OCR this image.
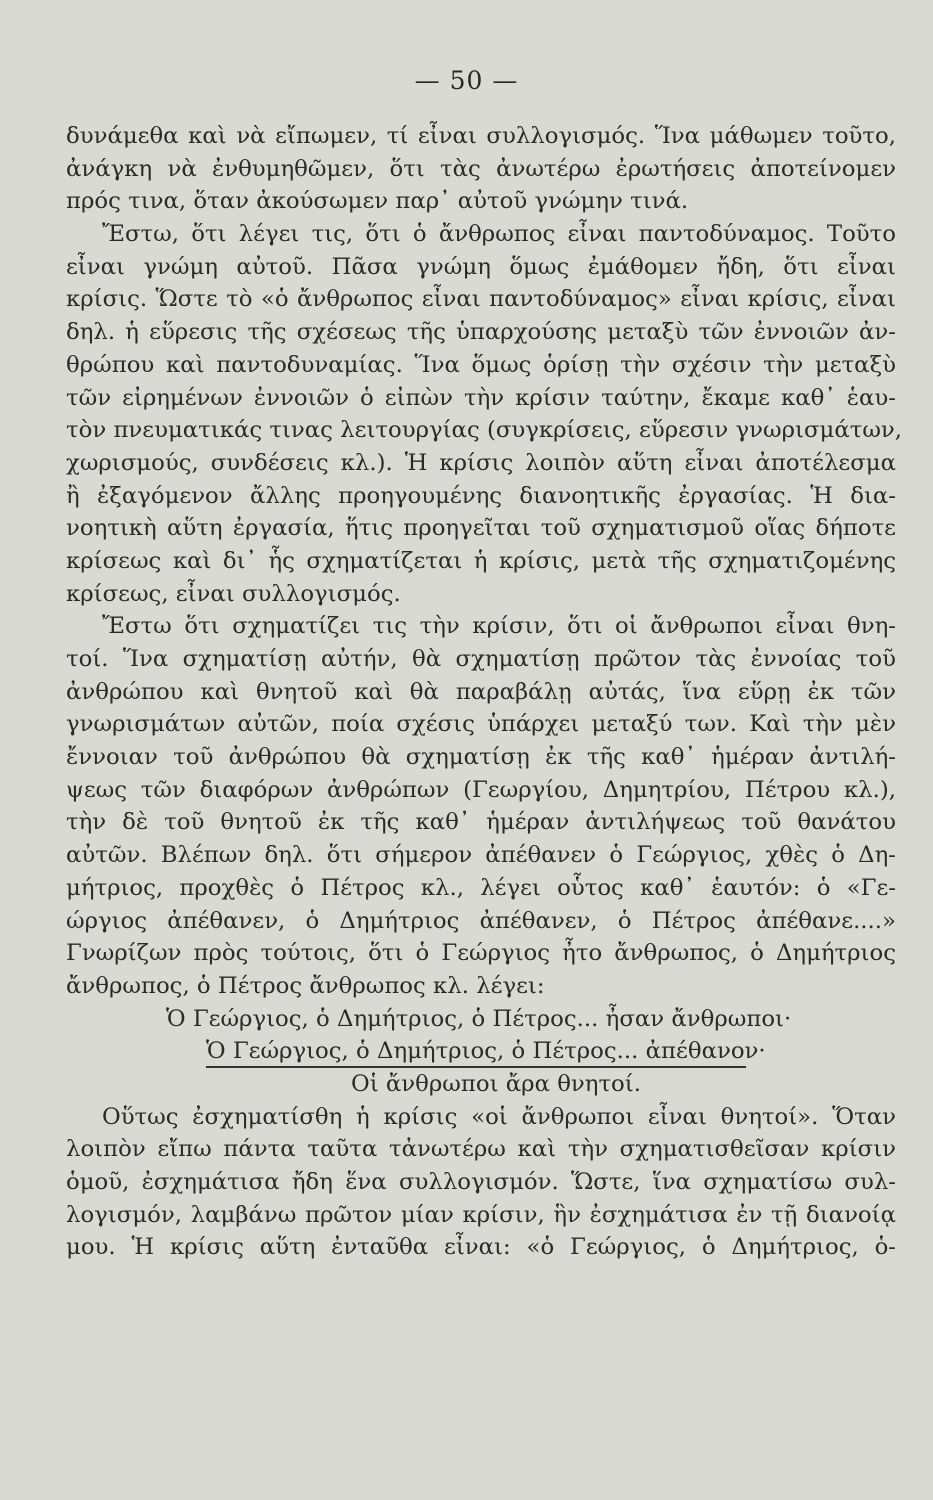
— 50 —
δυνάμεθα καὶ νὰ εἴπωμεν, τί εἶναι συλλογισμός. Ἵνα μάθωμεν τοῦτο,
ἀνάγκη νὰ ἐνθυμηθῶμεν, ὅτι τὰς ἀνωτέρω ἐρωτήσεις ἀποτείνομεν
πρός τινα, ὅταν ἀκούσωμεν παρ᾽ αὐτοῦ γνώμην τινά.
Ἔστω, ὅτι λέγει τις, ὅτι ὁ ἄνθρωπος εἶναι παντοδύναμος. Τοῦτο
εἶναι γνώμη αὐτοῦ. Πᾶσα γνώμη ὅμως ἐμάθομεν ἤδη, ὅτι εἶναι
κρίσις. Ὥστε τὸ «ὁ ἄνθρωπος εἶναι παντοδύναμος» εἶναι κρίσις, εἶναι
δηλ. ἡ εὕρεσις τῆς σχέσεως τῆς ὑπαρχούσης μεταξὺ τῶν ἐννοιῶν ἀν-
θρώπου καὶ παντοδυναμίας. Ἵνα ὅμως ὁρίσῃ τὴν σχέσιν τὴν μεταξὺ
τῶν εἰρημένων ἐννοιῶν ὁ εἰπὼν τὴν κρίσιν ταύτην, ἔκαμε καθ᾽ ἑαυ-
τὸν πνευματικάς τινας λειτουργίας (συγκρίσεις, εὕρεσιν γνωρισμάτων,
χωρισμούς, συνδέσεις κλ.). Ἡ κρίσις λοιπὸν αὕτη εἶναι ἀποτέλεσμα
ἢ ἐξαγόμενον ἄλλης προηγουμένης διανοητικῆς ἐργασίας. Ἡ δια-
νοητικὴ αὕτη ἐργασία, ἥτις προηγεῖται τοῦ σχηματισμοῦ οἵας δήποτε
κρίσεως καὶ δι᾽ ἧς σχηματίζεται ἡ κρίσις, μετὰ τῆς σχηματιζομένης
κρίσεως, εἶναι συλλογισμός.
Ἔστω ὅτι σχηματίζει τις τὴν κρίσιν, ὅτι οἱ ἄνθρωποι εἶναι θνη-
τοί. Ἵνα σχηματίσῃ αὐτήν, θὰ σχηματίσῃ πρῶτον τὰς ἐννοίας τοῦ
ἀνθρώπου καὶ θνητοῦ καὶ θὰ παραβάλῃ αὐτάς, ἵνα εὕρῃ ἐκ τῶν
γνωρισμάτων αὐτῶν, ποία σχέσις ὑπάρχει μεταξύ των. Καὶ τὴν μὲν
ἔννοιαν τοῦ ἀνθρώπου θὰ σχηματίσῃ ἐκ τῆς καθ᾽ ἡμέραν ἀντιλή-
ψεως τῶν διαφόρων ἀνθρώπων (Γεωργίου, Δημητρίου, Πέτρου κλ.),
τὴν δὲ τοῦ θνητοῦ ἐκ τῆς καθ᾽ ἡμέραν ἀντιλήψεως τοῦ θανάτου
αὐτῶν. Βλέπων δηλ. ὅτι σήμερον ἀπέθανεν ὁ Γεώργιος, χθὲς ὁ Δη-
μήτριος, προχθὲς ὁ Πέτρος κλ., λέγει οὗτος καθ᾽ ἑαυτόν: ὁ «Γε-
ώργιος ἀπέθανεν, ὁ Δημήτριος ἀπέθανεν, ὁ Πέτρος ἀπέθανε....»
Γνωρίζων πρὸς τούτοις, ὅτι ὁ Γεώργιος ἦτο ἄνθρωπος, ὁ Δημήτριος
ἄνθρωπος, ὁ Πέτρος ἄνθρωπος κλ. λέγει:
Ὁ Γεώργιος, ὁ Δημήτριος, ὁ Πέτρος... ἦσαν ἄνθρωποι·
Ὁ Γεώργιος, ὁ Δημήτριος, ὁ Πέτρος... ἀπέθανον·
Οἱ ἄνθρωποι ἄρα θνητοί.
Οὕτως ἐσχηματίσθη ἡ κρίσις «οἱ ἄνθρωποι εἶναι θνητοί». Ὅταν
λοιπὸν εἴπω πάντα ταῦτα τἀνωτέρω καὶ τὴν σχηματισθεῖσαν κρίσιν
ὁμοῦ, ἐσχημάτισα ἤδη ἕνα συλλογισμόν. Ὥστε, ἵνα σχηματίσω συλ-
λογισμόν, λαμβάνω πρῶτον μίαν κρίσιν, ἣν ἐσχημάτισα ἐν τῇ διανοίᾳ
μου. Ἡ κρίσις αὕτη ἐνταῦθα εἶναι: «ὁ Γεώργιος, ὁ Δημήτριος, ὁ-
